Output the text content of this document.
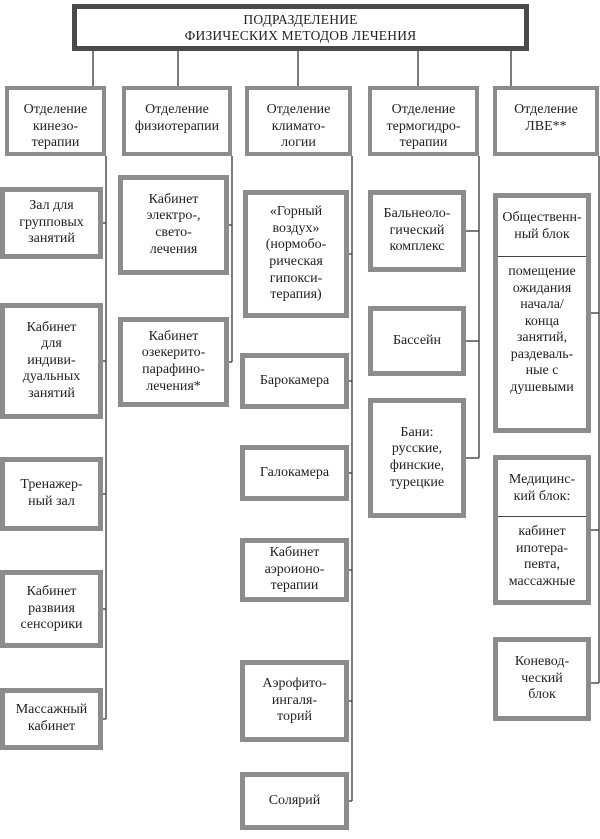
ПОДРАЗДЕЛЕНИЕ
ФИЗИЧЕСКИХ МЕТОДОВ ЛЕЧЕНИЯ
Отделение
кинезо-
терапии
Отделение
физиотерапии
Отделение
климато-
логии
Отделение
термогидро-
терапии
Отделение
ЛВЕ**
Зал для
групповых
занятий
Кабинет
для
индиви-
дуальных
занятий
Тренажер-
ный зал
Кабинет
развиия
сенсорики
Массажный
кабинет
Кабинет
электро-,
свето-
лечения
Кабинет
озекерито-
парафино-
лечения*
«Горный
воздух»
(нормобо-
рическая
гипокси-
терапия)
Барокамера
Галокамера
Кабинет
аэроионо-
терапии
Аэрофито-
ингаля-
торий
Солярий
Бальнеоло-
гический
комплекс
Бассейн
Бани:
русские,
финские,
турецкие

Общественн-
ный блок

помещение
ожидания
начала/
конца
занятий,
раздеваль-
ные с
душевыми

Медицинс-
кий блок:

кабинет
ипотера-
певта,
массажные

Коневод-
ческий
блок
